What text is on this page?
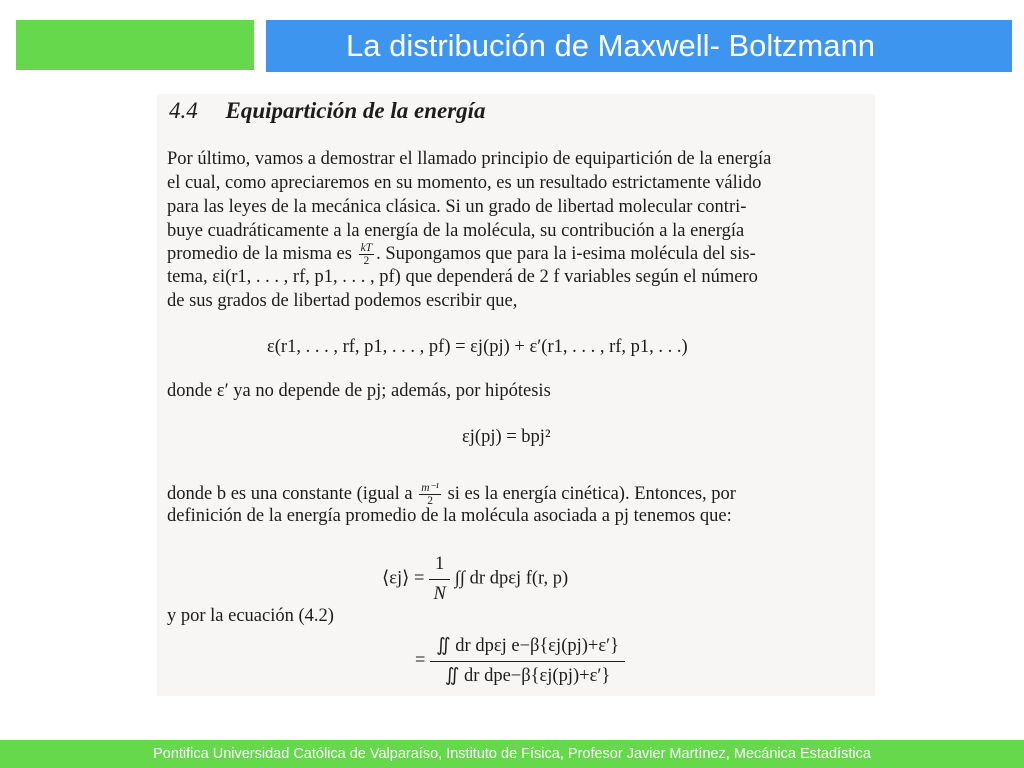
La distribución de Maxwell- Boltzmann
4.4 Equipartición de la energía
Por último, vamos a demostrar el llamado principio de equipartición de la energía
el cual, como apreciaremos en su momento, es un resultado estrictamente válido
para las leyes de la mecánica clásica. Si un grado de libertad molecular contri-
buye cuadráticamente a la energía de la molécula, su contribución a la energía
promedio de la misma es $\frac{kT}{2}$ . Supongamos que para la i-esima molécula del sis-
tema, εi(r1, . . . , rf, p1, . . . , pf) que dependerá de 2 f variables según el número
de sus grados de libertad podemos escribir que,
ε(r1, . . . , rf, p1, . . . , pf) = εj(pj) + ε′(r1, . . . , rf, p1, . . .)
donde ε′ ya no depende de pj; además, por hipótesis
εj(pj) = bpj²
donde b es una constante (igual a $\frac{\text{m⁻¹}}{2}$ si es la energía cinética). Entonces, por
definición de la energía promedio de la molécula asociada a pj tenemos que:
⟨εj⟩ = $\frac{1}{N}$ ∫∫ dr dpεj f(r, p)
y por la ecuación (4.2)
= $\frac{\text{∬ dr dpεj e−β\{εj(pj)+ε′\}}}{\text{∬ dr dpe−β\{εj(pj)+ε′\}}}$
Pontifica Universidad Católica de Valparaíso, Instituto de Física, Profesor Javier Martínez, Mecánica Estadística
